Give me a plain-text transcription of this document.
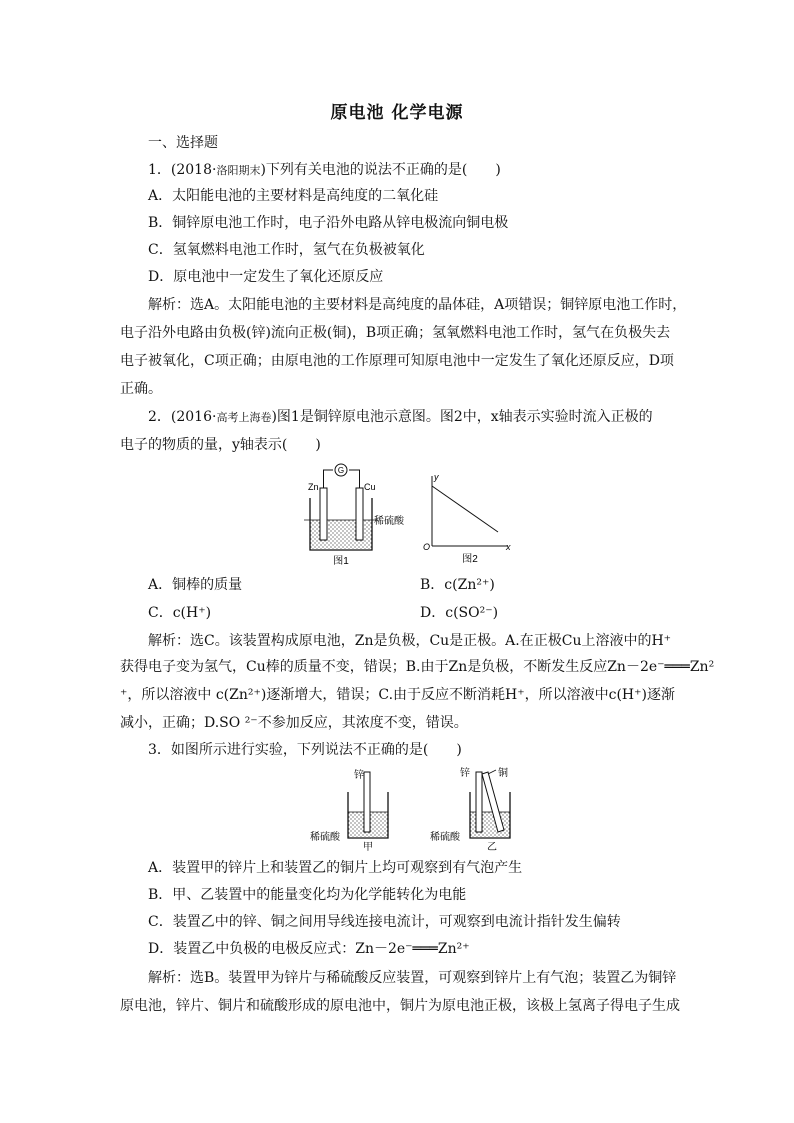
原电池 化学电源
一、选择题
1．(2018·洛阳期末)下列有关电池的说法不正确的是(　　)
A．太阳能电池的主要材料是高纯度的二氧化硅
B．铜锌原电池工作时，电子沿外电路从锌电极流向铜电极
C．氢氧燃料电池工作时，氢气在负极被氧化
D．原电池中一定发生了氧化还原反应
解析：选A。太阳能电池的主要材料是高纯度的晶体硅，A项错误；铜锌原电池工作时，
电子沿外电路由负极(锌)流向正极(铜)，B项正确；氢氧燃料电池工作时，氢气在负极失去
电子被氧化，C项正确；由原电池的工作原理可知原电池中一定发生了氧化还原反应，D项
正确。
2．(2016·高考上海卷)图1是铜锌原电池示意图。图2中，x轴表示实验时流入正极的
电子的物质的量，y轴表示(　　)
G
Zn	Cu
稀硫酸
图1
y
x
O
图2
A．铜棒的质量	B．c(Zn²⁺)
C．c(H⁺)	D．c(SO²⁻)
解析：选C。该装置构成原电池，Zn是负极，Cu是正极。A.在正极Cu上溶液中的H⁺
获得电子变为氢气，Cu棒的质量不变，错误；B.由于Zn是负极，不断发生反应Zn－2e⁻═══Zn²
⁺，所以溶液中 c(Zn²⁺)逐渐增大，错误；C.由于反应不断消耗H⁺，所以溶液中c(H⁺)逐渐
减小，正确；D.SO ²⁻不参加反应，其浓度不变，错误。
3．如图所示进行实验，下列说法不正确的是(　　)
锌
稀硫酸
甲
锌	铜
稀硫酸
乙
A．装置甲的锌片上和装置乙的铜片上均可观察到有气泡产生
B．甲、乙装置中的能量变化均为化学能转化为电能
C．装置乙中的锌、铜之间用导线连接电流计，可观察到电流计指针发生偏转
D．装置乙中负极的电极反应式：Zn－2e⁻═══Zn²⁺
解析：选B。装置甲为锌片与稀硫酸反应装置，可观察到锌片上有气泡；装置乙为铜锌
原电池，锌片、铜片和硫酸形成的原电池中，铜片为原电池正极，该极上氢离子得电子生成
